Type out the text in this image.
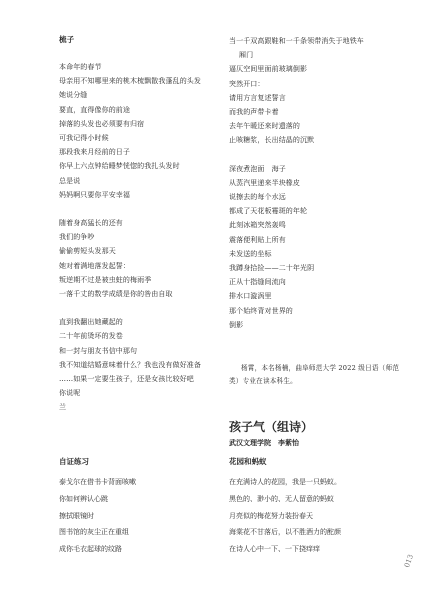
梳子
本命年的春节
母亲用不知哪里来的桃木梳飘散我蓬乱的头发
她说分缝
要直，直得像你的前途
掉落的头发也必须要有归宿
可我记得小时候
那段我来月经前的日子
你早上六点钟给睡梦恍惚的我扎头发时
总是说
妈妈啊只要你平安幸福
随着身高猛长的还有
我们的争吵
偷偷剪短头发那天
她对着满地落发起誓：
叛逆期不过是被虫蛀的梅雨季
一落千丈的数学成绩是你的咎由自取
直到我翻出她藏起的
二十年前烫坏的发卷
和一封与朋友书信中那句
我不知道结婚意味着什么？我也没有做好准备
……如果一定要生孩子，还是女孩比较好吧
你说呢
兰
当一千双高跟鞋和一千条领带消失于地铁车
厢门
逼仄空间里面前玻璃倒影
突然开口：
请用方言复述誓言
而我的声带卡着
去年午暖还来时遗落的
止咳糖浆，长出结晶的沉默
深夜煮泡面　海子
从蒸汽里递来半块橡皮
说擦去的每个水远
都成了天花板霉斑的年轮
此刻冰箱突然轰鸣
震落便利贴上所有
未发送的坐标
我蹲身拾捡——二十年光阴
正从十指缝间流向
排水口漩涡里
那个始终背对世界的
倒影
杨霄，本名杨楠，曲阜师范大学 2022 级日语（师范类）专业在读本科生。
孩子气（组诗）
武汉文理学院　李紫怡
自证练习
泰戈尔在借书卡背面咳嗽
你如何辨认心跳
擦拭眼镜时
图书馆的灰尘正在重组
成你毛衣起球的纹路
花园和蚂蚁
在充满诗人的花园，我是一只蚂蚁。
黑色的、渺小的、无人留意的蚂蚁
月亮似的梅花努力装扮春天
海棠花不甘落后，以不胜酒力的酡颜
在诗人心中一下、一下挠痒痒
013
